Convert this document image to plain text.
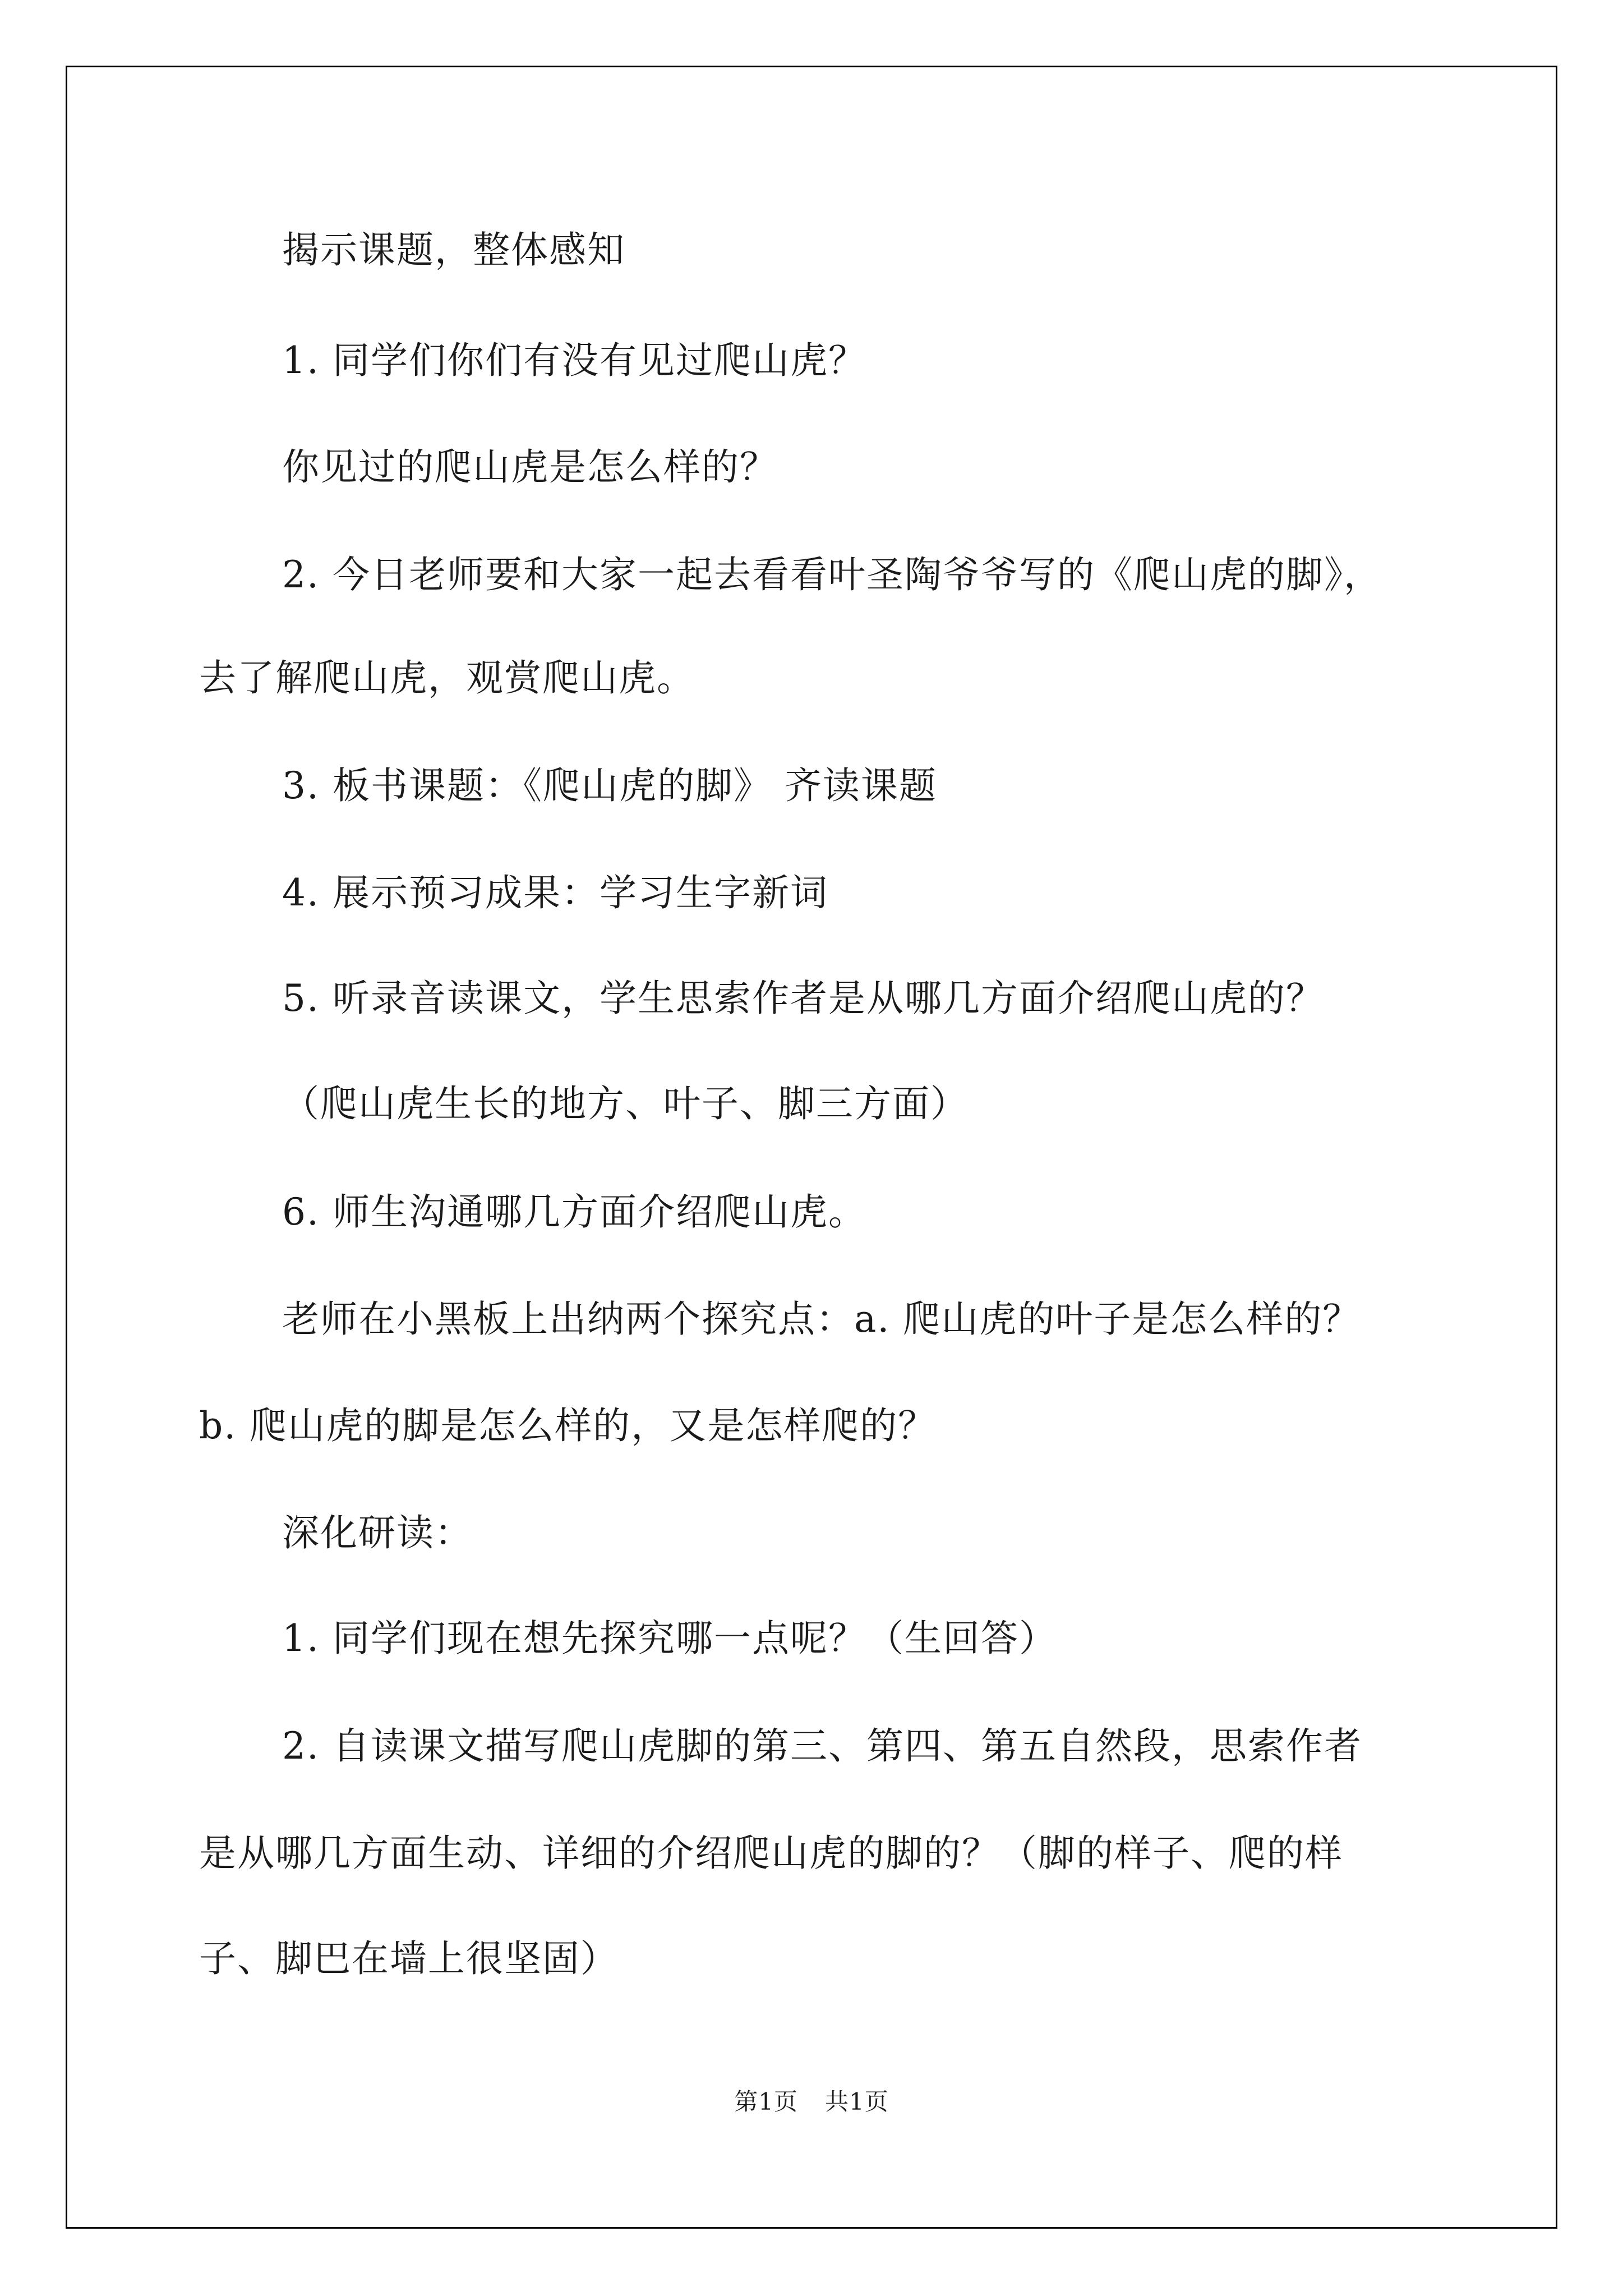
揭示课题，整体感知
1. 同学们你们有没有见过爬山虎？
你见过的爬山虎是怎么样的？
2. 今日老师要和大家一起去看看叶圣陶爷爷写的《爬山虎的脚》，
去了解爬山虎，观赏爬山虎。
3. 板书课题：《爬山虎的脚》 齐读课题
4. 展示预习成果：学习生字新词
5. 听录音读课文，学生思索作者是从哪几方面介绍爬山虎的？
（爬山虎生长的地方、叶子、脚三方面）
6. 师生沟通哪几方面介绍爬山虎。
老师在小黑板上出纳两个探究点：a. 爬山虎的叶子是怎么样的？
b. 爬山虎的脚是怎么样的，又是怎样爬的？
深化研读：
1. 同学们现在想先探究哪一点呢？（生回答）
2. 自读课文描写爬山虎脚的第三、第四、第五自然段，思索作者
是从哪几方面生动、详细的介绍爬山虎的脚的？（脚的样子、爬的样
子、脚巴在墙上很坚固）
第1页 共1页
